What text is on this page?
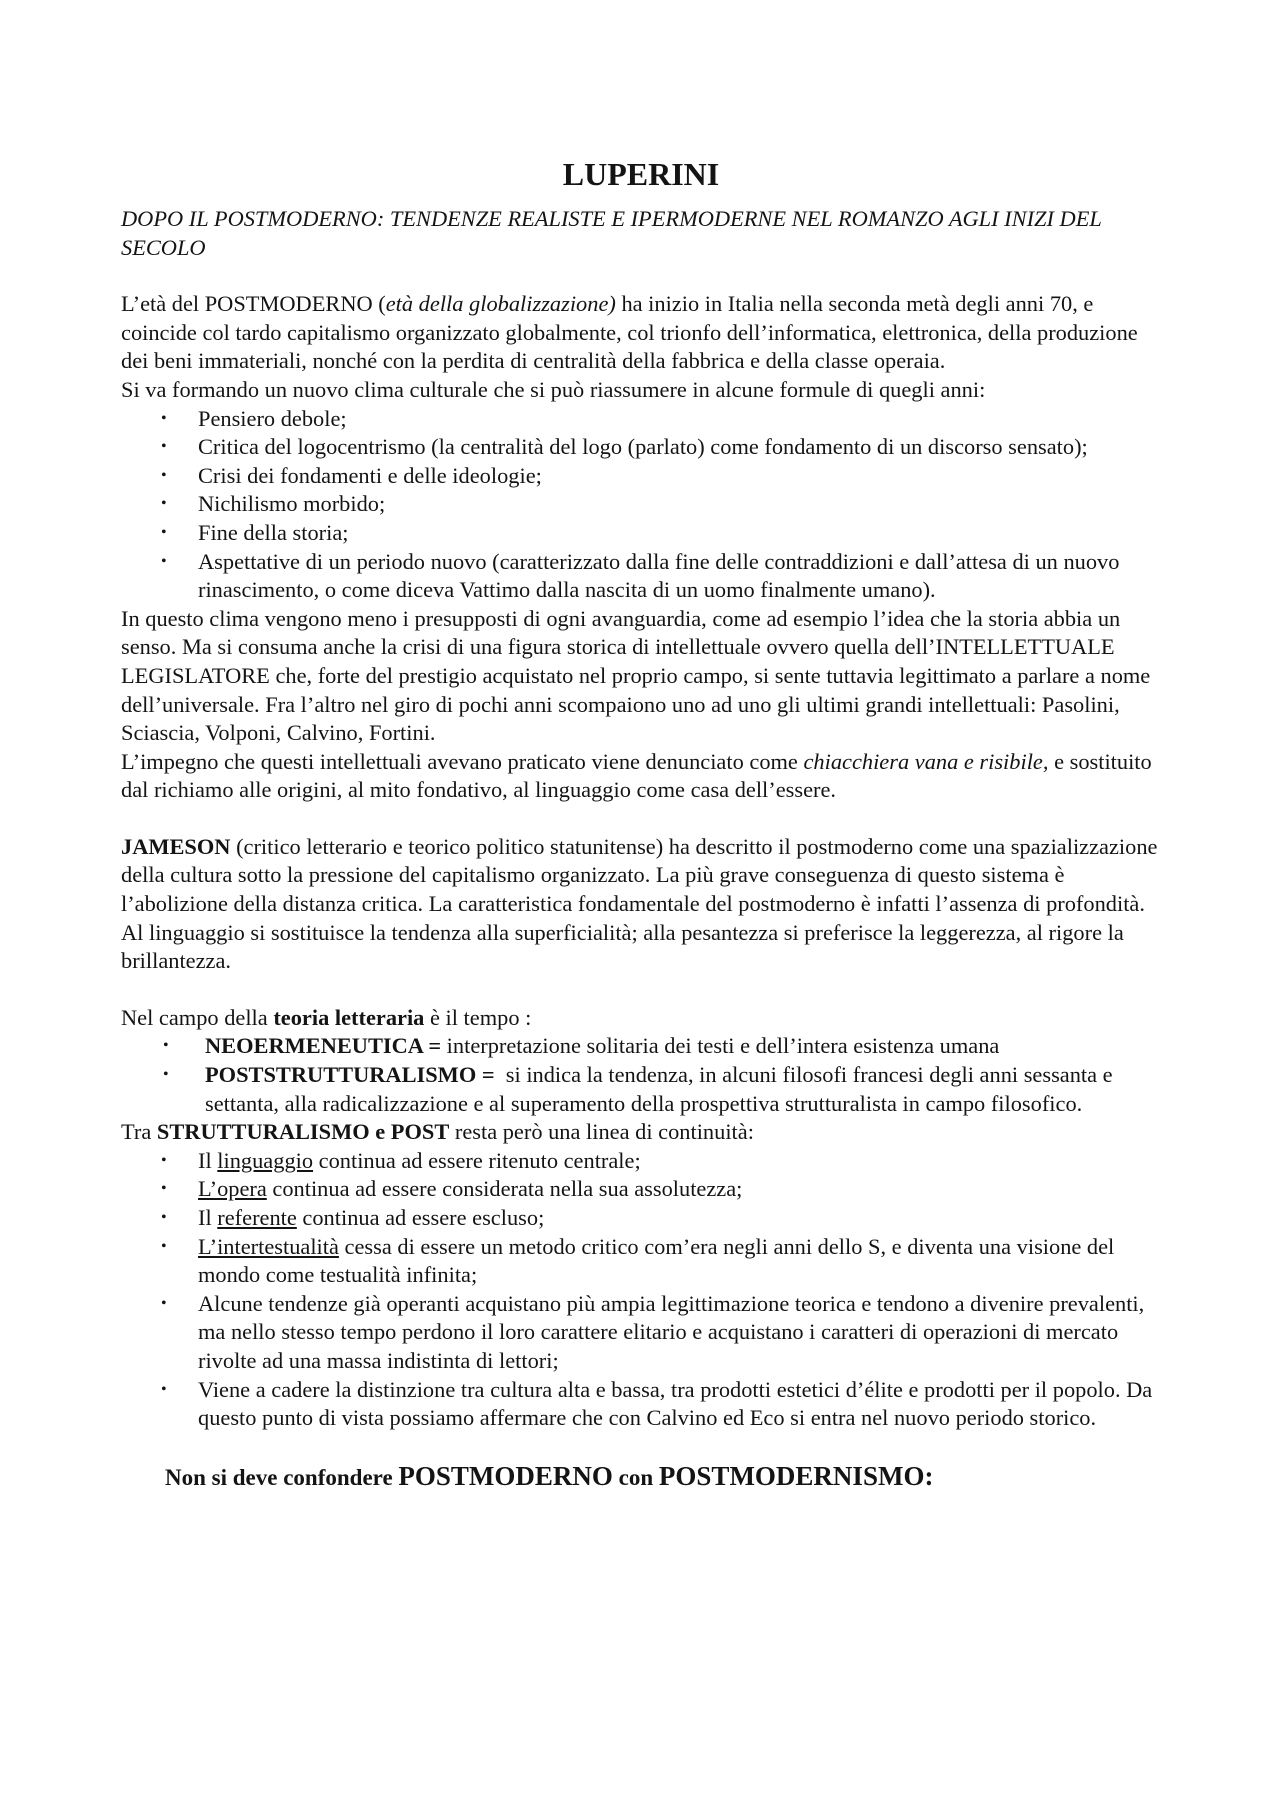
LUPERINI

DOPO IL POSTMODERNO: TENDENZE REALISTE E IPERMODERNE NEL ROMANZO AGLI INIZI DEL SECOLO

L’età del POSTMODERNO (età della globalizzazione) ha inizio in Italia nella seconda metà degli anni 70, e coincide col tardo capitalismo organizzato globalmente, col trionfo dell’informatica, elettronica, della produzione dei beni immateriali, nonché con la perdita di centralità della fabbrica e della classe operaia.

Si va formando un nuovo clima culturale che si può riassumere in alcune formule di quegli anni:

• Pensiero debole;
• Critica del logocentrismo (la centralità del logo (parlato) come fondamento di un discorso sensato);
• Crisi dei fondamenti e delle ideologie;
• Nichilismo morbido;
• Fine della storia;
• Aspettative di un periodo nuovo (caratterizzato dalla fine delle contraddizioni e dall’attesa di un nuovo rinascimento, o come diceva Vattimo dalla nascita di un uomo finalmente umano).

In questo clima vengono meno i presupposti di ogni avanguardia, come ad esempio l’idea che la storia abbia un senso. Ma si consuma anche la crisi di una figura storica di intellettuale ovvero quella dell’INTELLETTUALE LEGISLATORE che, forte del prestigio acquistato nel proprio campo, si sente tuttavia legittimato a parlare a nome dell’universale. Fra l’altro nel giro di pochi anni scompaiono uno ad uno gli ultimi grandi intellettuali: Pasolini, Sciascia, Volponi, Calvino, Fortini.

L’impegno che questi intellettuali avevano praticato viene denunciato come chiacchiera vana e risibile, e sostituito dal richiamo alle origini, al mito fondativo, al linguaggio come casa dell’essere.

JAMESON (critico letterario e teorico politico statunitense) ha descritto il postmoderno come una spazializzazione della cultura sotto la pressione del capitalismo organizzato. La più grave conseguenza di questo sistema è l’abolizione della distanza critica. La caratteristica fondamentale del postmoderno è infatti l’assenza di profondità. Al linguaggio si sostituisce la tendenza alla superficialità; alla pesantezza si preferisce la leggerezza, al rigore la brillantezza.

Nel campo della teoria letteraria è il tempo :

• NEOERMENEUTICA = interpretazione solitaria dei testi e dell’intera esistenza umana
• POSTSTRUTTURALISMO =  si indica la tendenza, in alcuni filosofi francesi degli anni sessanta e settanta, alla radicalizzazione e al superamento della prospettiva strutturalista in campo filosofico.

Tra STRUTTURALISMO e POST resta però una linea di continuità:

• Il linguaggio continua ad essere ritenuto centrale;
• L’opera continua ad essere considerata nella sua assolutezza;
• Il referente continua ad essere escluso;
• L’intertestualità cessa di essere un metodo critico com’era negli anni dello S, e diventa una visione del mondo come testualità infinita;
• Alcune tendenze già operanti acquistano più ampia legittimazione teorica e tendono a divenire prevalenti, ma nello stesso tempo perdono il loro carattere elitario e acquistano i caratteri di operazioni di mercato rivolte ad una massa indistinta di lettori;
• Viene a cadere la distinzione tra cultura alta e bassa, tra prodotti estetici d’élite e prodotti per il popolo. Da questo punto di vista possiamo affermare che con Calvino ed Eco si entra nel nuovo periodo storico.

Non si deve confondere POSTMODERNO con POSTMODERNISMO:
